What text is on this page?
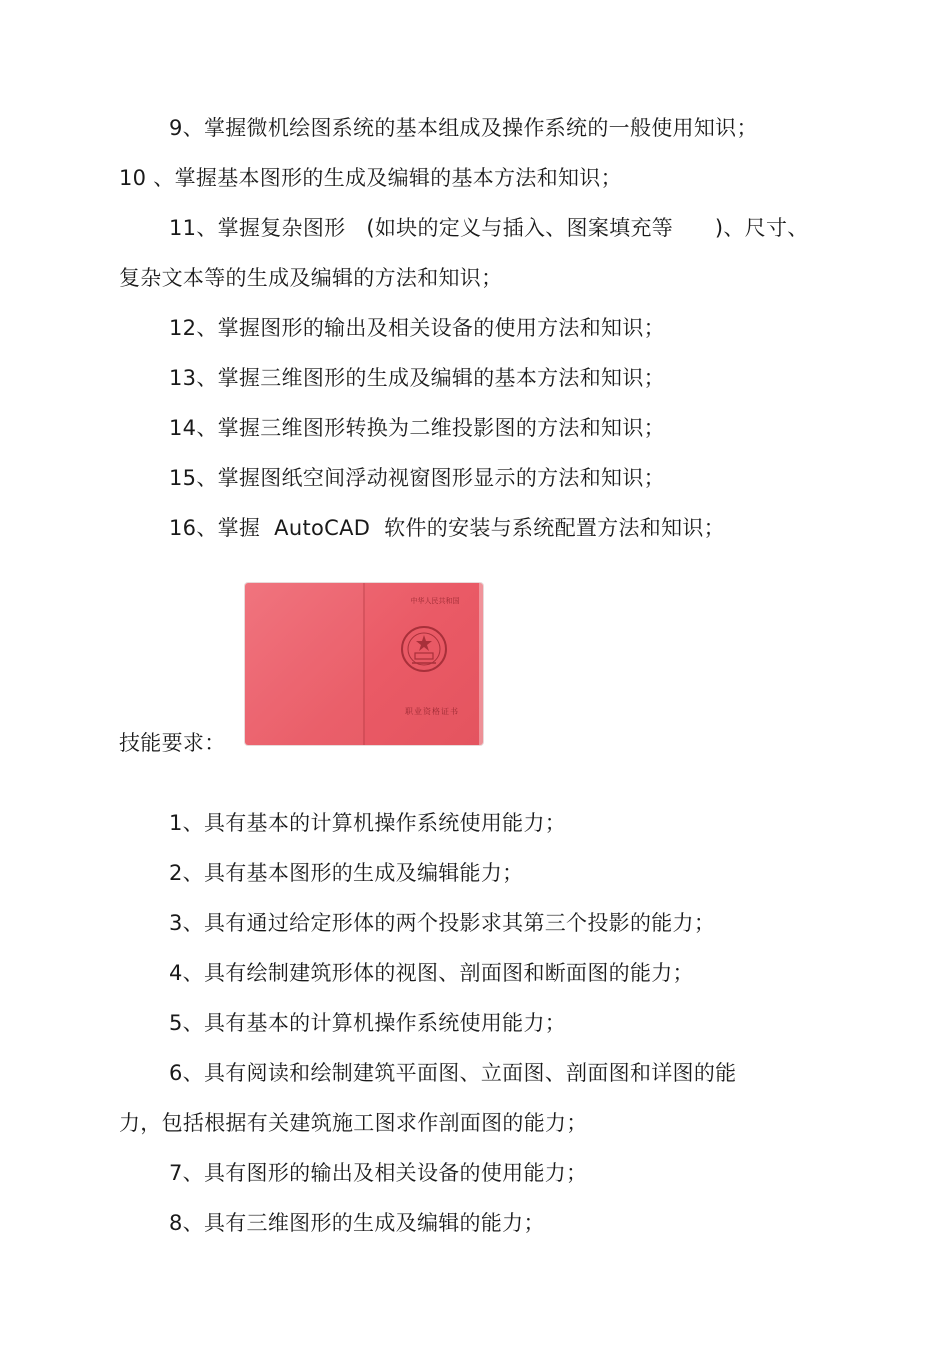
9、掌握微机绘图系统的基本组成及操作系统的一般使用知识；
10 、掌握基本图形的生成及编辑的基本方法和知识；
11、掌握复杂图形   (如块的定义与插入、图案填充等      )、尺寸、
复杂文本等的生成及编辑的方法和知识；
12、掌握图形的输出及相关设备的使用方法和知识；
13、掌握三维图形的生成及编辑的基本方法和知识；
14、掌握三维图形转换为二维投影图的方法和知识；
15、掌握图纸空间浮动视窗图形显示的方法和知识；
16、掌握  AutoCAD  软件的安装与系统配置方法和知识；
中华人民共和国
职业资格证书
技能要求：
1、具有基本的计算机操作系统使用能力；
2、具有基本图形的生成及编辑能力；
3、具有通过给定形体的两个投影求其第三个投影的能力；
4、具有绘制建筑形体的视图、剖面图和断面图的能力；
5、具有基本的计算机操作系统使用能力；
6、具有阅读和绘制建筑平面图、立面图、剖面图和详图的能
力，包括根据有关建筑施工图求作剖面图的能力；
7、具有图形的输出及相关设备的使用能力；
8、具有三维图形的生成及编辑的能力；
